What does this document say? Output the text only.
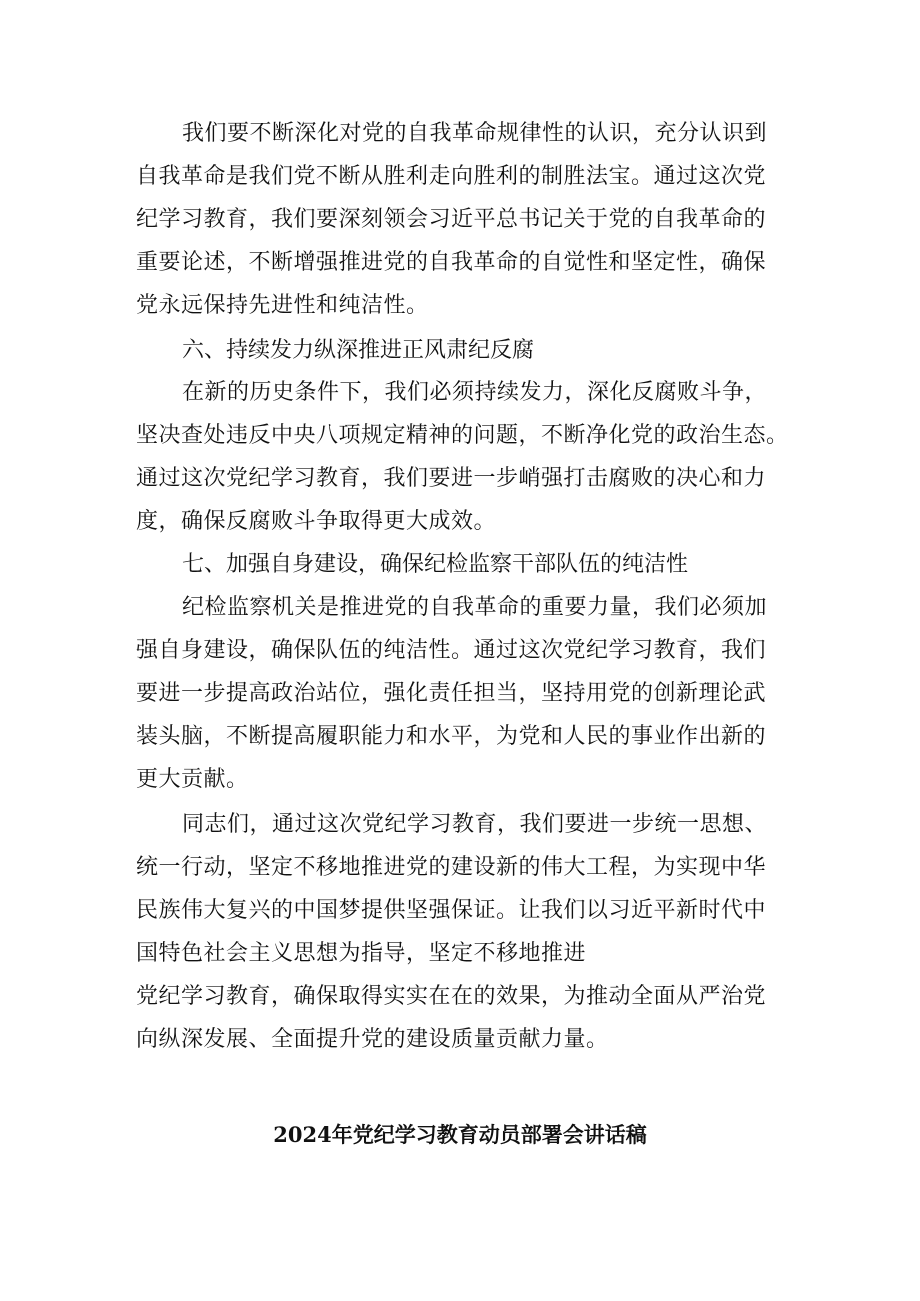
我们要不断深化对党的自我革命规律性的认识，充分认识到
自我革命是我们党不断从胜利走向胜利的制胜法宝。通过这次党
纪学习教育，我们要深刻领会习近平总书记关于党的自我革命的
重要论述，不断增强推进党的自我革命的自觉性和坚定性，确保
党永远保持先进性和纯洁性。
六、持续发力纵深推进正风肃纪反腐
在新的历史条件下，我们必须持续发力，深化反腐败斗争，
坚决查处违反中央八项规定精神的问题，不断净化党的政治生态。
通过这次党纪学习教育，我们要进一步峭强打击腐败的决心和力
度，确保反腐败斗争取得更大成效。
七、加强自身建设，确保纪检监察干部队伍的纯洁性
纪检监察机关是推进党的自我革命的重要力量，我们必须加
强自身建设，确保队伍的纯洁性。通过这次党纪学习教育，我们
要进一步提高政治站位，强化责任担当，坚持用党的创新理论武
装头脑，不断提高履职能力和水平，为党和人民的事业作出新的
更大贡献。
同志们，通过这次党纪学习教育，我们要进一步统一思想、
统一行动，坚定不移地推进党的建设新的伟大工程，为实现中华
民族伟大复兴的中国梦提供坚强保证。让我们以习近平新时代中
国特色社会主义思想为指导，坚定不移地推进
党纪学习教育，确保取得实实在在的效果，为推动全面从严治党
向纵深发展、全面提升党的建设质量贡献力量。
2024年党纪学习教育动员部署会讲话稿
